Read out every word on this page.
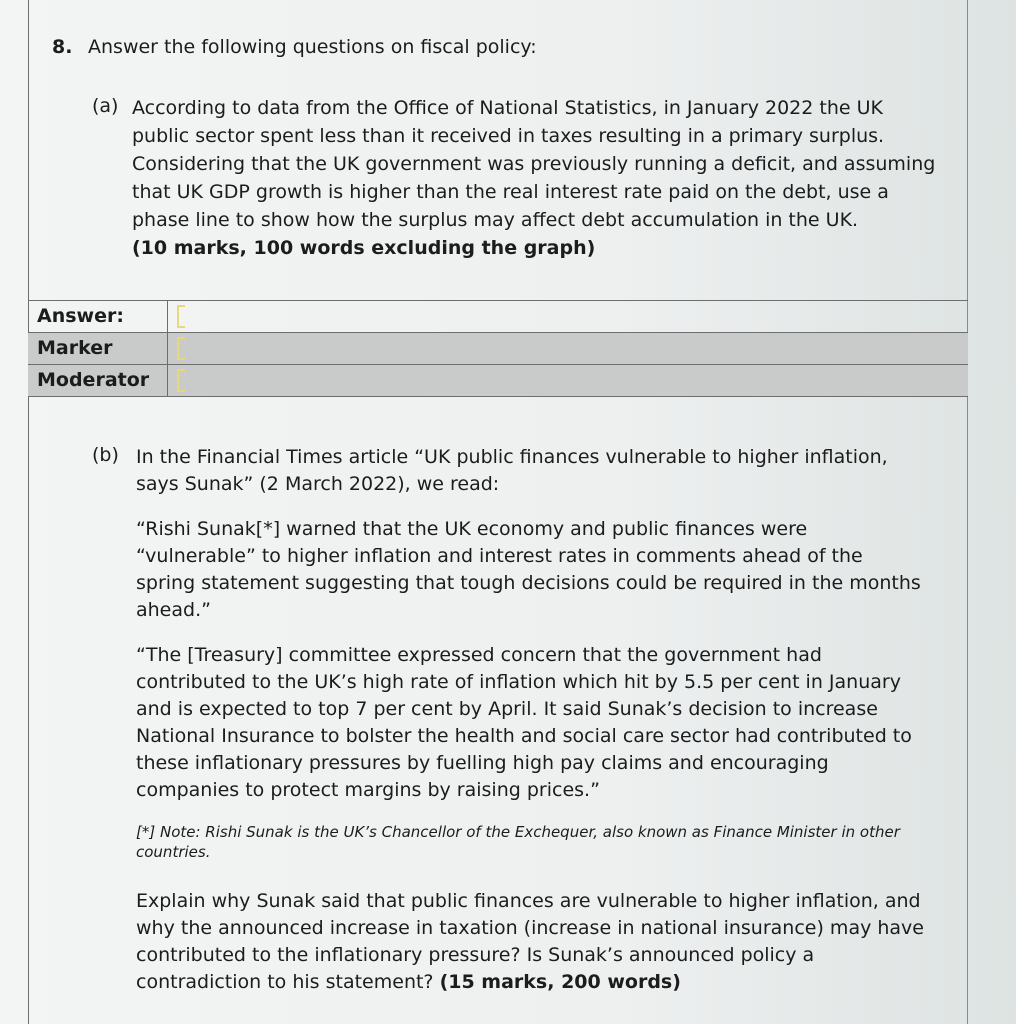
8. Answer the following questions on fiscal policy:
(a) According to data from the Office of National Statistics, in January 2022 the UK public sector spent less than it received in taxes resulting in a primary surplus. Considering that the UK government was previously running a deficit, and assuming that UK GDP growth is higher than the real interest rate paid on the debt, use a phase line to show how the surplus may affect debt accumulation in the UK.
(10 marks, 100 words excluding the graph)
Answer:
Marker
Moderator
(b) In the Financial Times article “UK public finances vulnerable to higher inflation, says Sunak” (2 March 2022), we read:

“Rishi Sunak[*] warned that the UK economy and public finances were “vulnerable” to higher inflation and interest rates in comments ahead of the spring statement suggesting that tough decisions could be required in the months ahead.”

“The [Treasury] committee expressed concern that the government had contributed to the UK’s high rate of inflation which hit by 5.5 per cent in January and is expected to top 7 per cent by April. It said Sunak’s decision to increase National Insurance to bolster the health and social care sector had contributed to these inflationary pressures by fuelling high pay claims and encouraging companies to protect margins by raising prices.”

[*] Note: Rishi Sunak is the UK’s Chancellor of the Exchequer, also known as Finance Minister in other countries.

Explain why Sunak said that public finances are vulnerable to higher inflation, and why the announced increase in taxation (increase in national insurance) may have contributed to the inflationary pressure? Is Sunak’s announced policy a contradiction to his statement? (15 marks, 200 words)
